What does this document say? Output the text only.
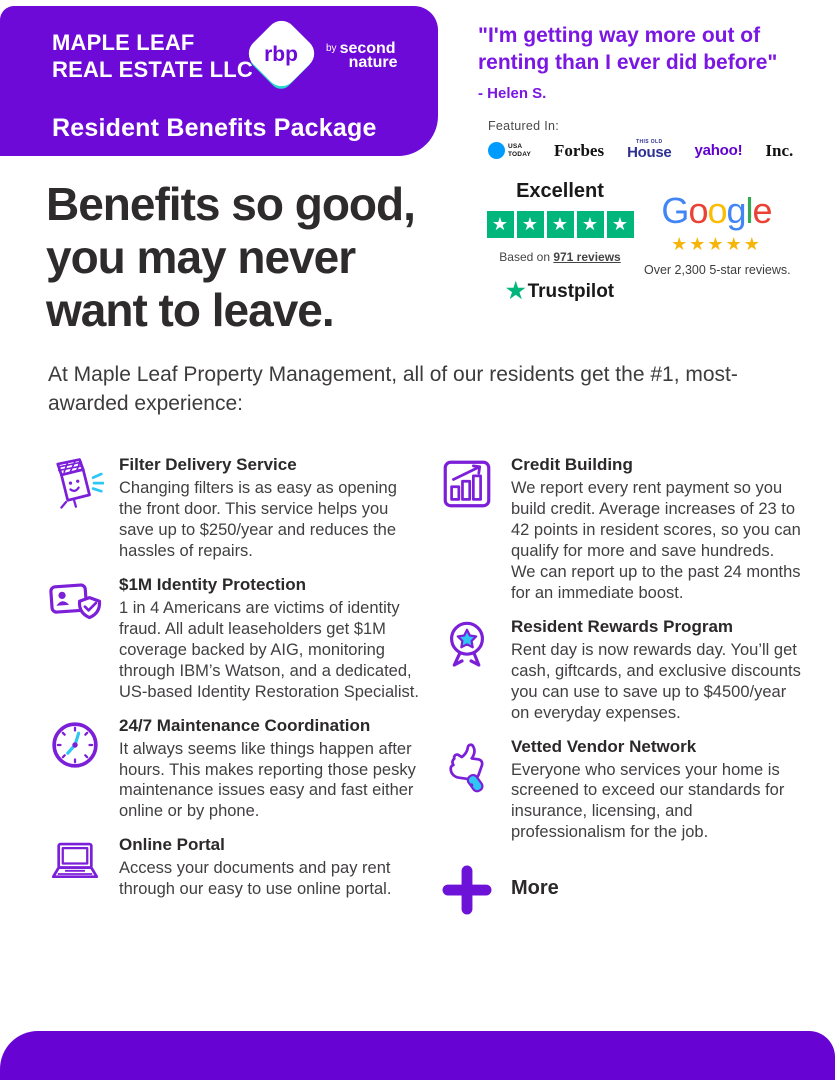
MAPLE LEAF
REAL ESTATE LLC
rbp	by second
nature
Resident Benefits Package
"I'm getting way more out of renting than I ever did before"
- Helen S.
Featured In:
USA
TODAY Forbes	THIS OLD
House yahoo! Inc.
Excellent
★ ★ ★ ★ ★
Based on 971 reviews
★ Trustpilot
Google
★★★★★
Over 2,300 5-star reviews.
Benefits so good,
you may never
want to leave.
At Maple Leaf Property Management, all of our residents get the #1, most-awarded experience:
Filter Delivery Service
Changing filters is as easy as opening the front door. This service helps you save up to $250/year and reduces the hassles of repairs.
$1M Identity Protection
1 in 4 Americans are victims of identity fraud. All adult leaseholders get $1M coverage backed by AIG, monitoring through IBM’s Watson, and a dedicated, US-based Identity Restoration Specialist.
24/7 Maintenance Coordination
It always seems like things happen after hours. This makes reporting those pesky maintenance issues easy and fast either online or by phone.
Online Portal
Access your documents and pay rent through our easy to use online portal.
Credit Building
We report every rent payment so you build credit. Average increases of 23 to 42 points in resident scores, so you can qualify for more and save hundreds. We can report up to the past 24 months for an immediate boost.
Resident Rewards Program
Rent day is now rewards day. You’ll get cash, giftcards, and exclusive discounts you can use to save up to $4500/year on everyday expenses.
Vetted Vendor Network
Everyone who services your home is screened to exceed our standards for insurance, licensing, and professionalism for the job.
More
